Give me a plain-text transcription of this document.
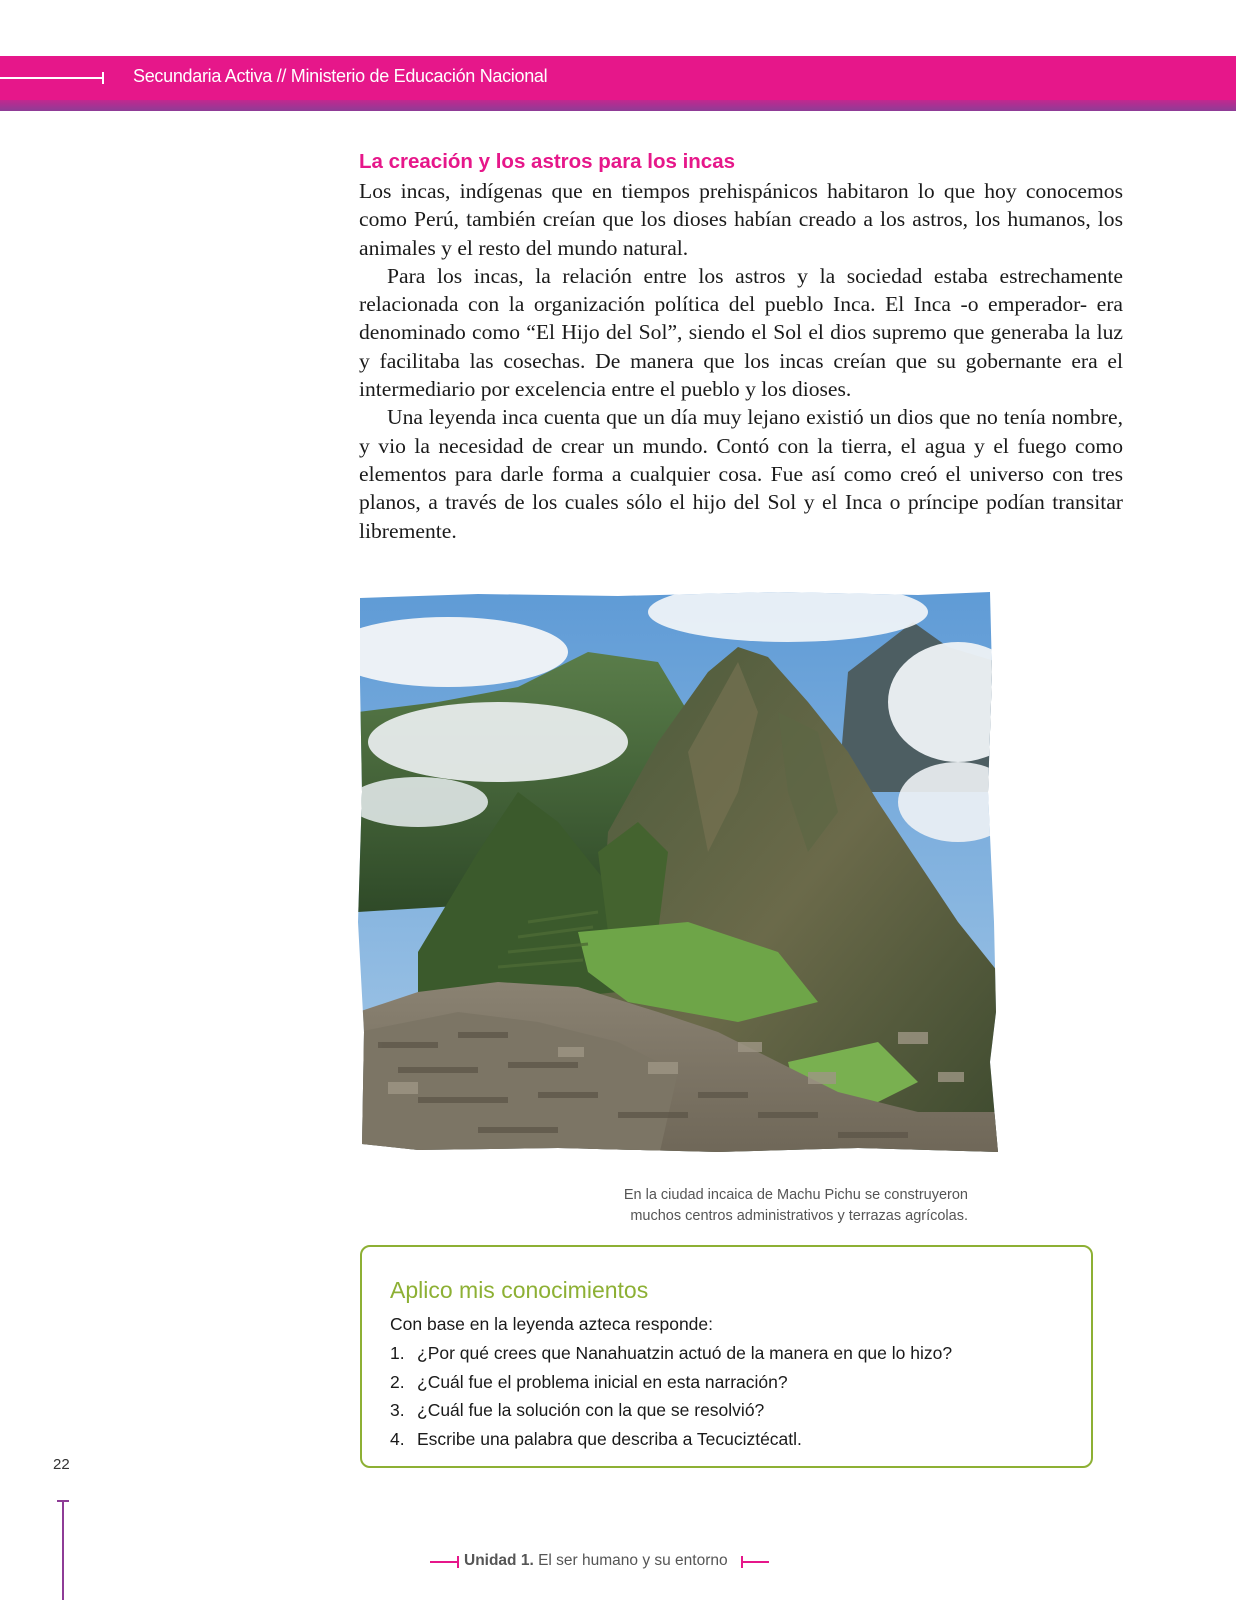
Secundaria Activa // Ministerio de Educación Nacional
La creación y los astros para los incas

Los incas, indígenas que en tiempos prehispánicos habitaron lo que hoy conocemos como Perú, también creían que los dioses habían creado a los astros, los humanos, los animales y el resto del mundo natural.

Para los incas, la relación entre los astros y la sociedad estaba estrechamente relacionada con la organización política del pueblo Inca. El Inca -o emperador- era denominado como “El Hijo del Sol”, siendo el Sol el dios supremo que generaba la luz y facilitaba las cosechas. De manera que los incas creían que su gobernante era el intermediario por excelencia entre el pueblo y los dioses.

Una leyenda inca cuenta que un día muy lejano existió un dios que no tenía nombre, y vio la necesidad de crear un mundo. Contó con la tierra, el agua y el fuego como elementos para darle forma a cualquier cosa. Fue así como creó el universo con tres planos, a través de los cuales sólo el hijo del Sol y el Inca o príncipe podían transitar libremente.

En la ciudad incaica de Machu Pichu se construyeron
muchos centros administrativos y terrazas agrícolas.
Aplico mis conocimientos
Con base en la leyenda azteca responde:
1. ¿Por qué crees que Nanahuatzin actuó de la manera en que lo hizo?
2. ¿Cuál fue el problema inicial en esta narración?
3. ¿Cuál fue la solución con la que se resolvió?
4. Escribe una palabra que describa a Tecuciztécatl.
22
Unidad 1. El ser humano y su entorno
